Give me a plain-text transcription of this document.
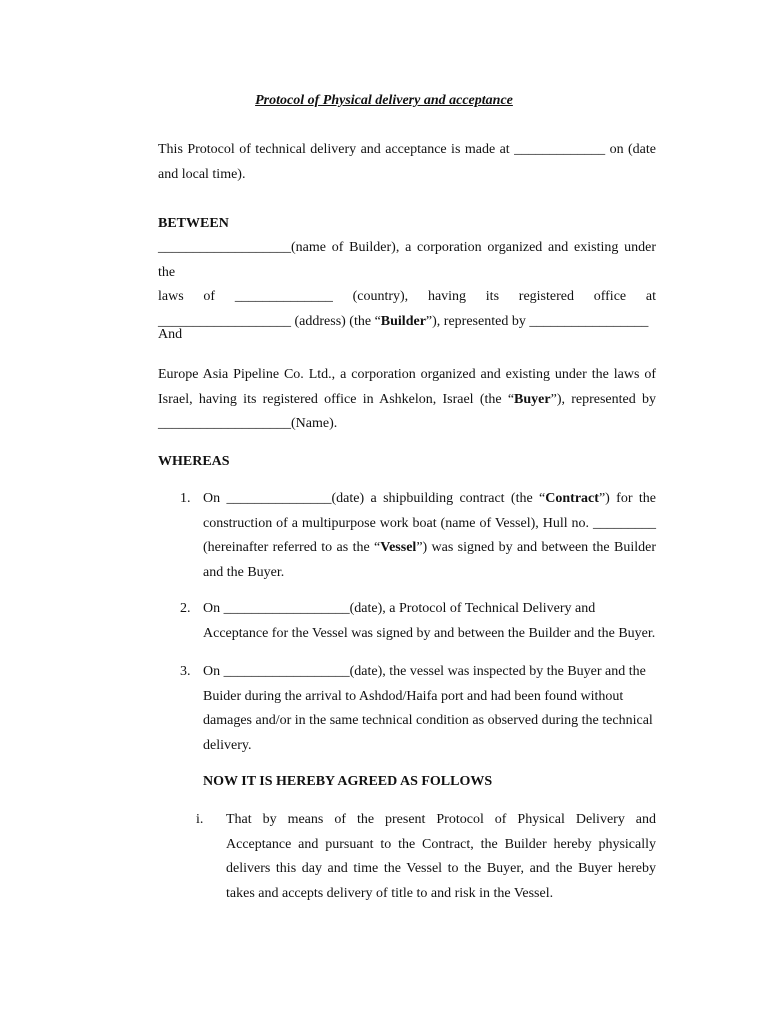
Protocol of Physical delivery and acceptance
This Protocol of technical delivery and acceptance is made at _____________ on (date
and local time).
BETWEEN
___________________(name of Builder), a corporation organized and existing under the
laws of ______________ (country), having its registered office at
___________________ (address) (the “Builder”), represented by _________________
And
Europe Asia Pipeline Co. Ltd., a corporation organized and existing under the laws of
Israel, having its registered office in Ashkelon, Israel (the “Buyer”), represented by
___________________(Name).
WHEREAS
1. On _______________(date) a shipbuilding contract (the “Contract”) for the
construction of a multipurpose work boat (name of Vessel), Hull no. _________
(hereinafter referred to as the “Vessel”) was signed by and between the Builder
and the Buyer.
2. On __________________(date), a Protocol of Technical Delivery and
Acceptance for the Vessel was signed by and between the Builder and the Buyer.
3. On __________________(date), the vessel was inspected by the Buyer and the
Buider during the arrival to Ashdod/Haifa port and had been found without
damages and/or in the same technical condition as observed during the technical
delivery.
NOW IT IS HEREBY AGREED AS FOLLOWS
i. That by means of the present Protocol of Physical Delivery and
Acceptance and pursuant to the Contract, the Builder hereby physically
delivers this day and time the Vessel to the Buyer, and the Buyer hereby
takes and accepts delivery of title to and risk in the Vessel.
